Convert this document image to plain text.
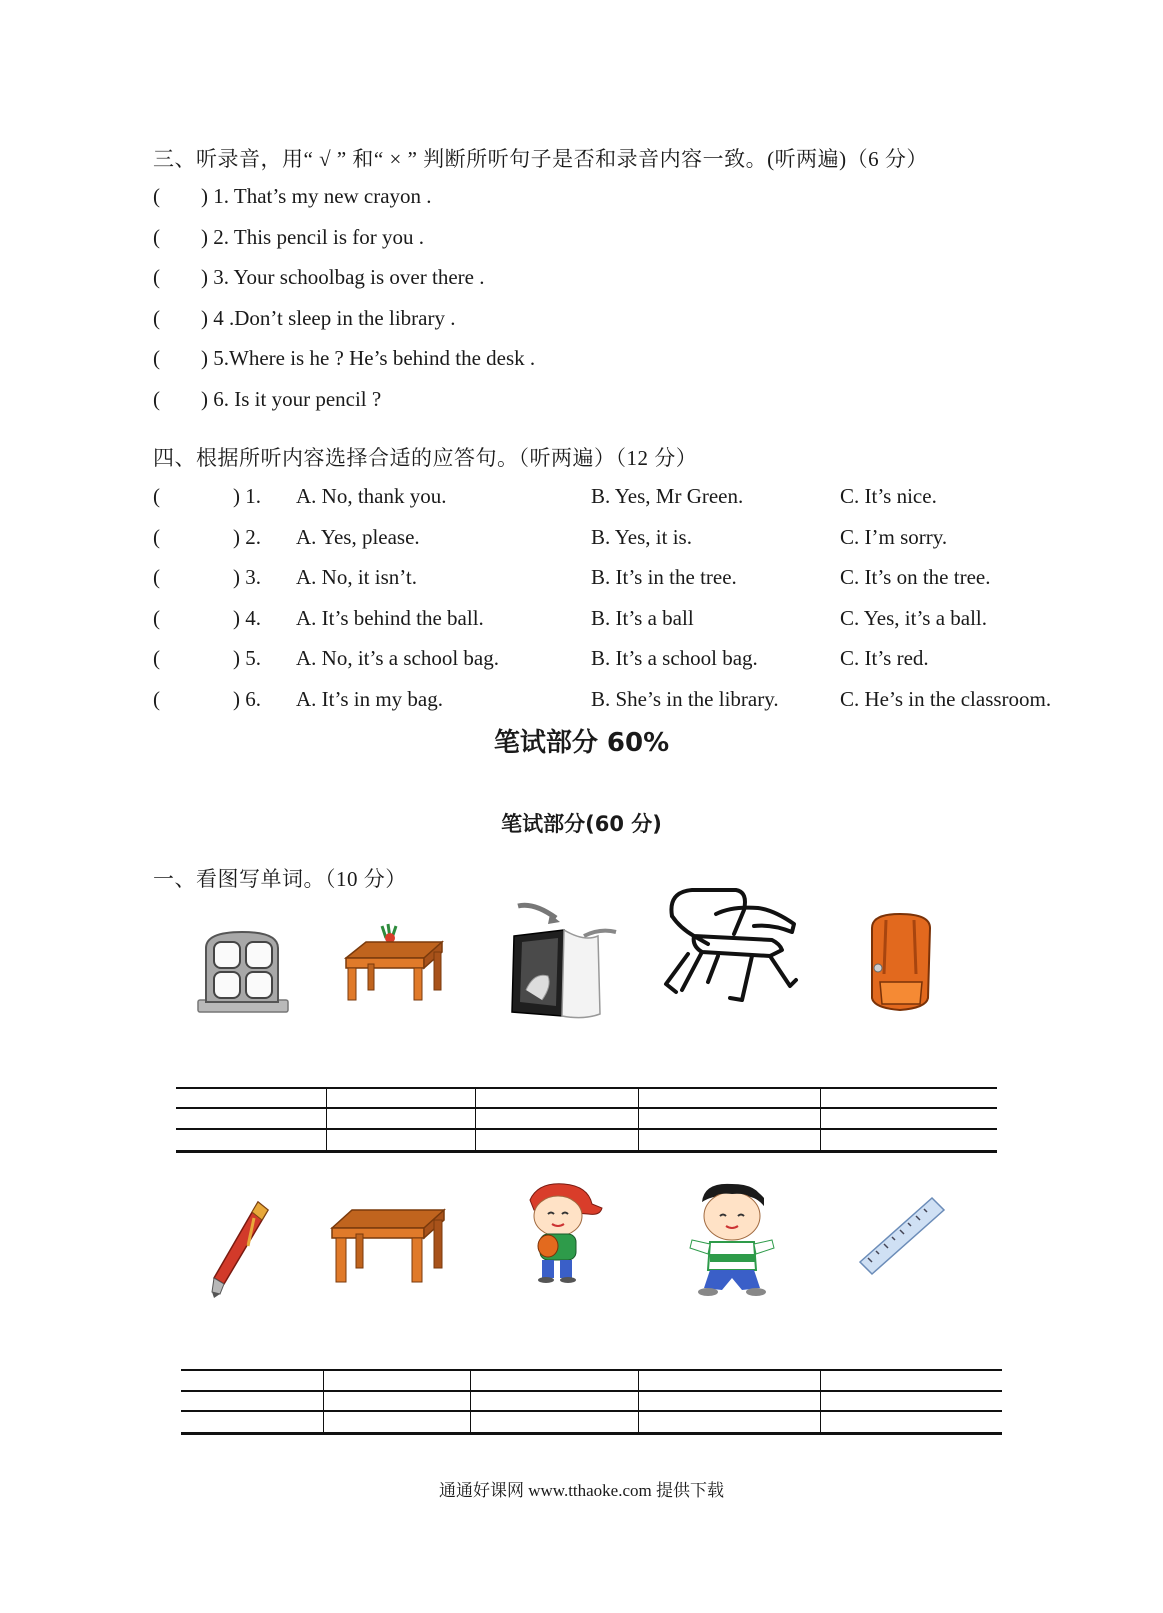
三、听录音，用“ √ ” 和“ × ” 判断所听句子是否和录音内容一致。(听两遍)（6 分）
( ) 1. That’s my new crayon .
( ) 2. This pencil is for you .
( ) 3. Your schoolbag is over there .
( ) 4 .Don’t sleep in the library .
( ) 5.Where is he ? He’s behind the desk .
( ) 6. Is it your pencil ?
四、根据所听内容选择合适的应答句。（听两遍）（12 分）
(	) 1. A. No, thank you.	B. Yes, Mr Green.	C. It’s nice.
(	) 2. A. Yes, please.	B. Yes, it is.	C. I’m sorry.
(	) 3. A. No, it isn’t.	B. It’s in the tree.	C. It’s on the tree.
(	) 4. A. It’s behind the ball.	B. It’s a ball	C. Yes, it’s a ball.
(	) 5. A. No, it’s a school bag.	B. It’s a school bag.	C. It’s red.
(	) 6. A. It’s in my bag.	B. She’s in the library.	C. He’s in the classroom.
笔试部分 60%
笔试部分(60 分)
一、看图写单词。（10 分）
通通好课网 www.tthaoke.com 提供下载
